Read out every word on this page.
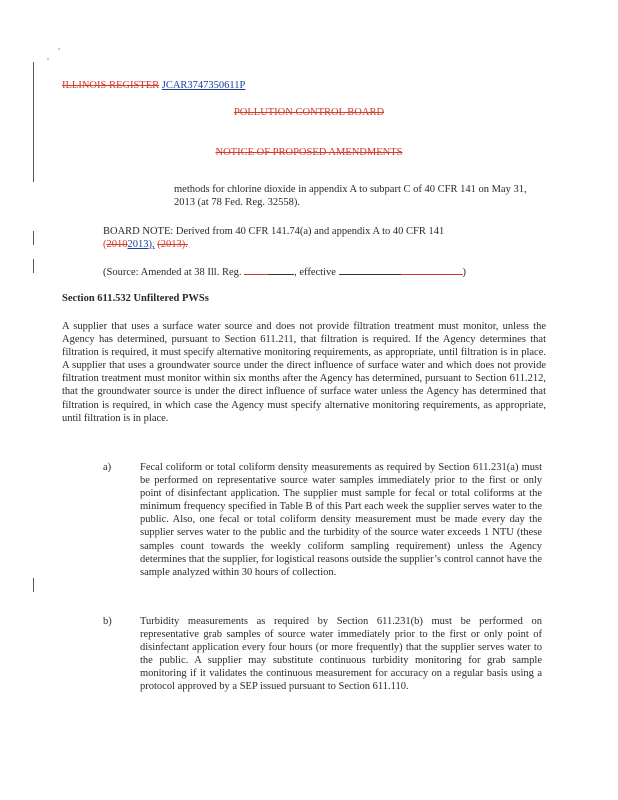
ILLINOIS REGISTER JCAR3747350611P
POLLUTION CONTROL BOARD
NOTICE OF PROPOSED AMENDMENTS

methods for chlorine dioxide in appendix A to subpart C of 40 CFR 141 on May 31, 2013 (at 78 Fed. Reg. 32558).

BOARD NOTE: Derived from 40 CFR 141.74(a) and appendix A to 40 CFR 141
(20102013), (2013).

(Source: Amended at 38 Ill. Reg.	, effective	)

Section 611.532 Unfiltered PWSs

A supplier that uses a surface water source and does not provide filtration treatment must monitor, unless the Agency has determined, pursuant to Section 611.211, that filtration is required. If the Agency determines that filtration is required, it must specify alternative monitoring requirements, as appropriate, until filtration is in place. A supplier that uses a groundwater source under the direct influence of surface water and which does not provide filtration treatment must monitor within six months after the Agency has determined, pursuant to Section 611.212, that the groundwater source is under the direct influence of surface water unless the Agency has determined that filtration is required, in which case the Agency must specify alternative monitoring requirements, as appropriate, until filtration is in place.

a)	Fecal coliform or total coliform density measurements as required by Section 611.231(a) must be performed on representative source water samples immediately prior to the first or only point of disinfectant application. The supplier must sample for fecal or total coliforms at the minimum frequency specified in Table B of this Part each week the supplier serves water to the public. Also, one fecal or total coliform density measurement must be made every day the supplier serves water to the public and the turbidity of the source water exceeds 1 NTU (these samples count towards the weekly coliform sampling requirement) unless the Agency determines that the supplier, for logistical reasons outside the supplier’s control cannot have the sample analyzed within 30 hours of collection.

b)	Turbidity measurements as required by Section 611.231(b) must be performed on representative grab samples of source water immediately prior to the first or only point of disinfectant application every four hours (or more frequently) that the supplier serves water to the public. A supplier may substitute continuous turbidity monitoring for grab sample monitoring if it validates the continuous measurement for accuracy on a regular basis using a protocol approved by a SEP issued pursuant to Section 611.110.
